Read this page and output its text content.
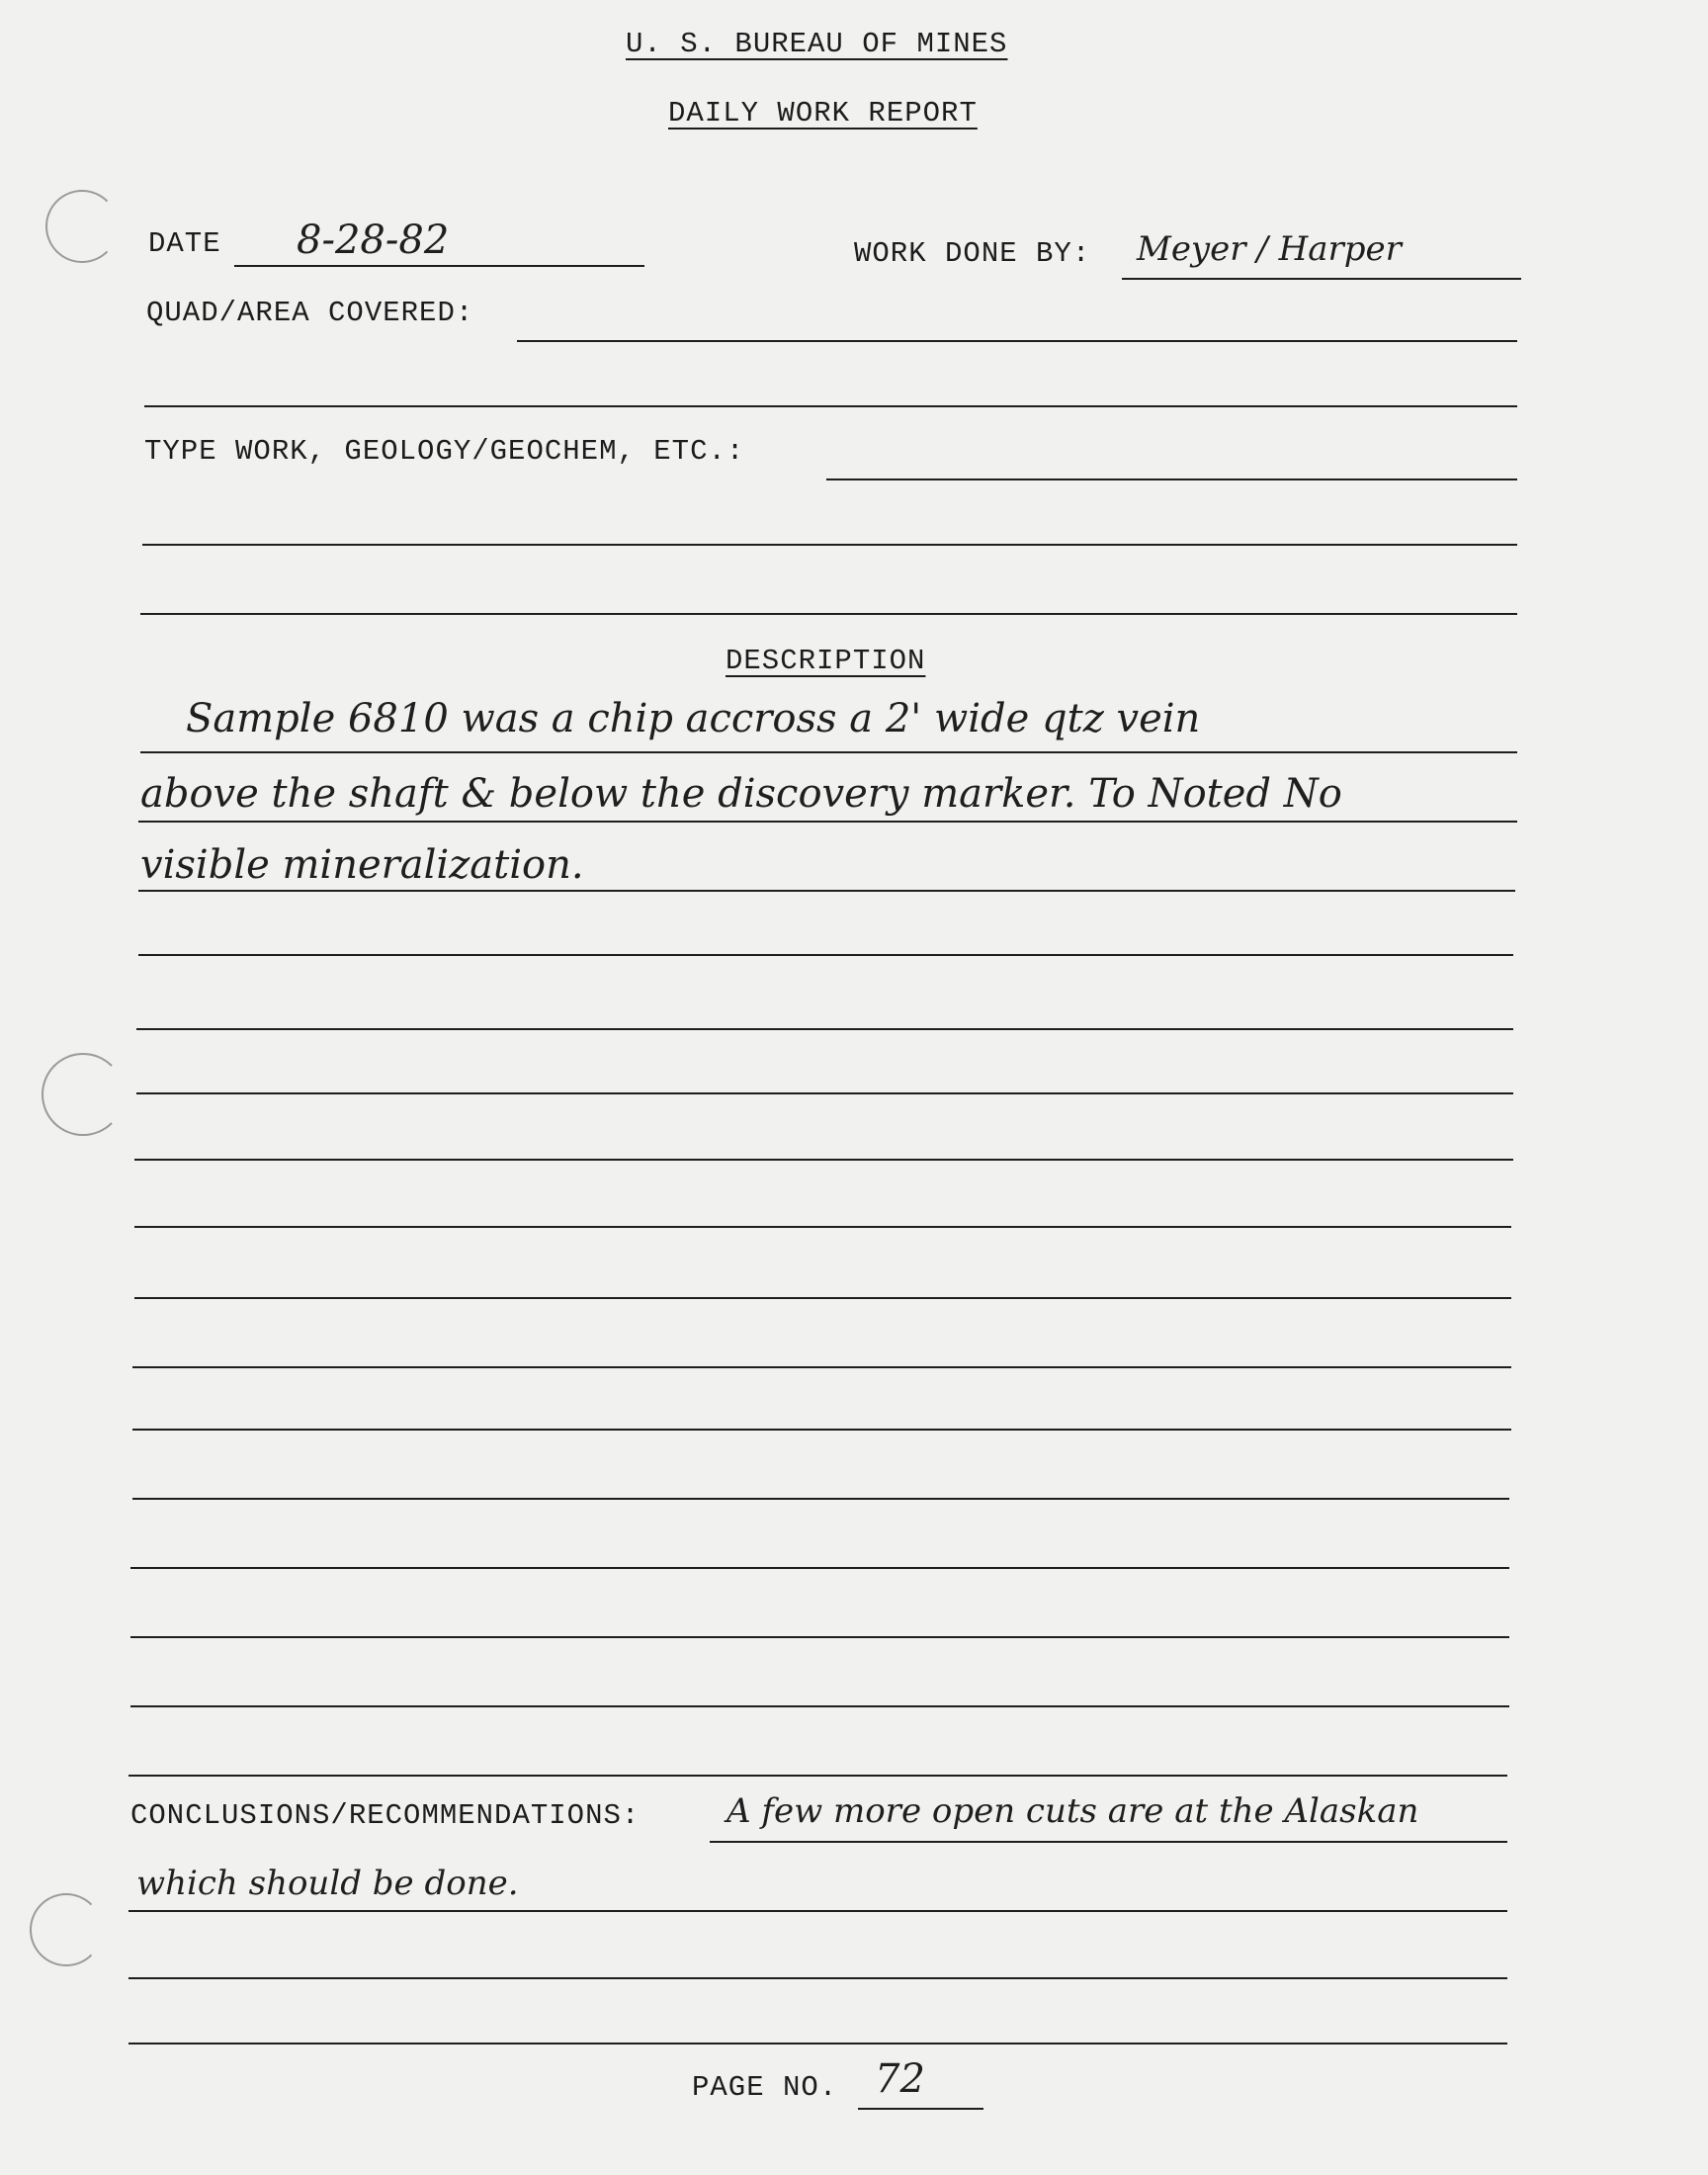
U. S. BUREAU OF MINES
DAILY WORK REPORT
DATE 8-28-82	WORK DONE BY: Meyer / Harper
QUAD/AREA COVERED:
TYPE WORK, GEOLOGY/GEOCHEM, ETC.:
DESCRIPTION
Sample 6810 was a chip accross a 2' wide qtz vein
above the shaft & below the discovery marker. To Noted No
visible mineralization.
CONCLUSIONS/RECOMMENDATIONS:	A few more open cuts are at the Alaskan
which should be done.
PAGE NO. 72
